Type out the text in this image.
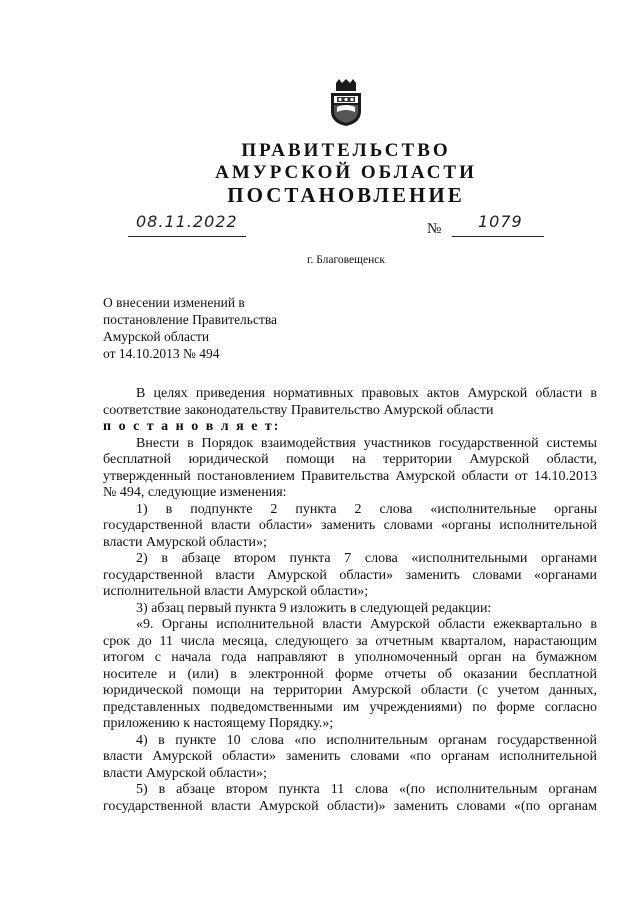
ПРАВИТЕЛЬСТВО
АМУРСКОЙ ОБЛАСТИ
ПОСТАНОВЛЕНИЕ
08.11.2022	№ 1079
г. Благовещенск
О внесении изменений в
постановление Правительства
Амурской области
от 14.10.2013 № 494
В целях приведения нормативных правовых актов Амурской области в
соответствие законодательству Правительство Амурской области
п о с т а н о в л я е т:
Внести в Порядок взаимодействия участников государственной системы
бесплатной юридической помощи на территории Амурской области,
утвержденный постановлением Правительства Амурской области от 14.10.2013
№ 494, следующие изменения:
1) в подпункте 2 пункта 2 слова «исполнительные органы
государственной власти области» заменить словами «органы исполнительной
власти Амурской области»;
2) в абзаце втором пункта 7 слова «исполнительными органами
государственной власти Амурской области» заменить словами «органами
исполнительной власти Амурской области»;
3) абзац первый пункта 9 изложить в следующей редакции:
«9. Органы исполнительной власти Амурской области ежеквартально в
срок до 11 числа месяца, следующего за отчетным кварталом, нарастающим
итогом с начала года направляют в уполномоченный орган на бумажном
носителе и (или) в электронной форме отчеты об оказании бесплатной
юридической помощи на территории Амурской области (с учетом данных,
представленных подведомственными им учреждениями) по форме согласно
приложению к настоящему Порядку.»;
4) в пункте 10 слова «по исполнительным органам государственной
власти Амурской области» заменить словами «по органам исполнительной
власти Амурской области»;
5) в абзаце втором пункта 11 слова «(по исполнительным органам
государственной власти Амурской области)» заменить словами «(по органам
